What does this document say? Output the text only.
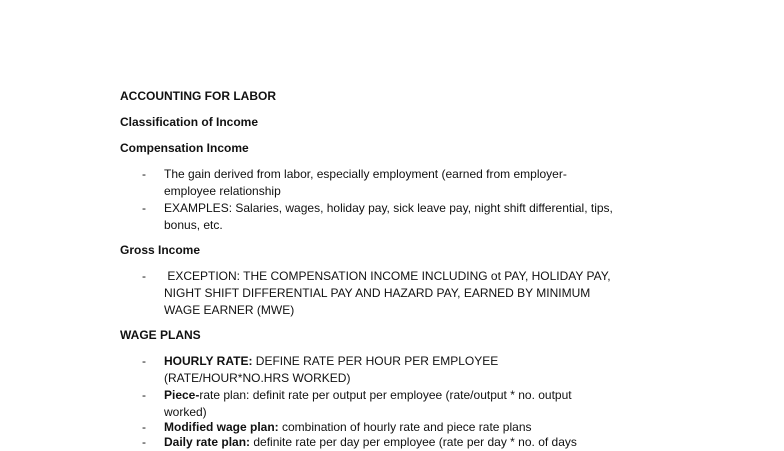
ACCOUNTING FOR LABOR
Classification of Income
Compensation Income
- The gain derived from labor, especially employment (earned from employer-
employee relationship
- EXAMPLES: Salaries, wages, holiday pay, sick leave pay, night shift differential, tips,
bonus, etc.
Gross Income
- EXCEPTION: THE COMPENSATION INCOME INCLUDING ot PAY, HOLIDAY PAY,
NIGHT SHIFT DIFFERENTIAL PAY AND HAZARD PAY, EARNED BY MINIMUM
WAGE EARNER (MWE)
WAGE PLANS
- HOURLY RATE: DEFINE RATE PER HOUR PER EMPLOYEE
(RATE/HOUR*NO.HRS WORKED)
- Piece-rate plan: definit rate per output per employee (rate/output * no. output
worked)
- Modified wage plan: combination of hourly rate and piece rate plans
- Daily rate plan: definite rate per day per employee (rate per day * no. of days
